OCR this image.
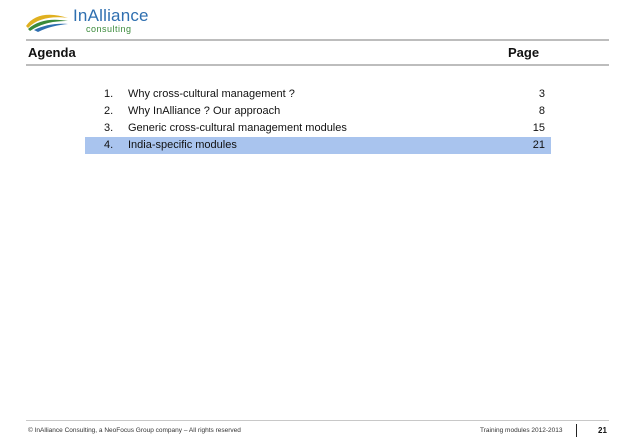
InAlliance
consulting
Agenda	Page
1. Why cross-cultural management ?	3
2. Why InAlliance ? Our approach	8
3. Generic cross-cultural management modules	15
4. India-specific modules	21
© InAlliance Consulting, a NeoFocus Group company – All rights reserved	Training modules 2012-2013	21
